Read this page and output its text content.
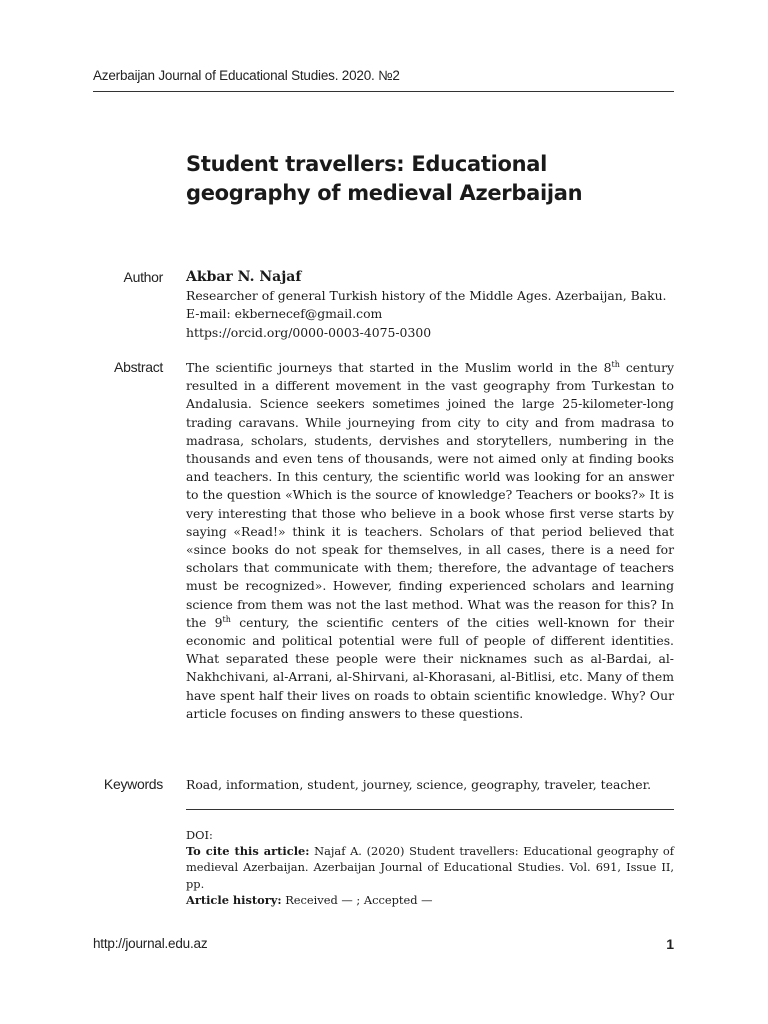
Azerbaijan Journal of Educational Studies. 2020. №2
Student travellers: Educational geography of medieval Azerbaijan
Author Akbar N. Najaf
Researcher of general Turkish history of the Middle Ages. Azerbaijan, Baku. E-mail: ekbernecef@gmail.com
https://orcid.org/0000-0003-4075-0300
Abstract The scientific journeys that started in the Muslim world in the 8th century resulted in a different movement in the vast geography from Turkestan to Andalusia. Science seekers sometimes joined the large 25-kilometer-long trading caravans. While journeying from city to city and from madrasa to madrasa, scholars, students, dervishes and storytellers, numbering in the thousands and even tens of thousands, were not aimed only at finding books and teachers. In this century, the scientific world was looking for an answer to the question «Which is the source of knowledge? Teachers or books?» It is very interesting that those who believe in a book whose first verse starts by saying «Read!» think it is teachers. Scholars of that period believed that «since books do not speak for themselves, in all cases, there is a need for scholars that communicate with them; therefore, the advantage of teachers must be recognized». However, finding experienced scholars and learning science from them was not the last method. What was the reason for this? In the 9th century, the scientific centers of the cities well-known for their economic and political potential were full of people of different identities. What separated these people were their nicknames such as al-Bardai, al-Nakhchivani, al-Arrani, al-Shirvani, al-Khorasani, al-Bitlisi, etc. Many of them have spent half their lives on roads to obtain scientific knowledge. Why? Our article focuses on finding answers to these questions.
Keywords Road, information, student, journey, science, geography, traveler, teacher.
DOI:
To cite this article: Najaf A. (2020) Student travellers: Educational geography of medieval Azerbaijan. Azerbaijan Journal of Educational Studies. Vol. 691, Issue II, pp.
Article history: Received — ; Accepted —
http://journal.edu.az	1
